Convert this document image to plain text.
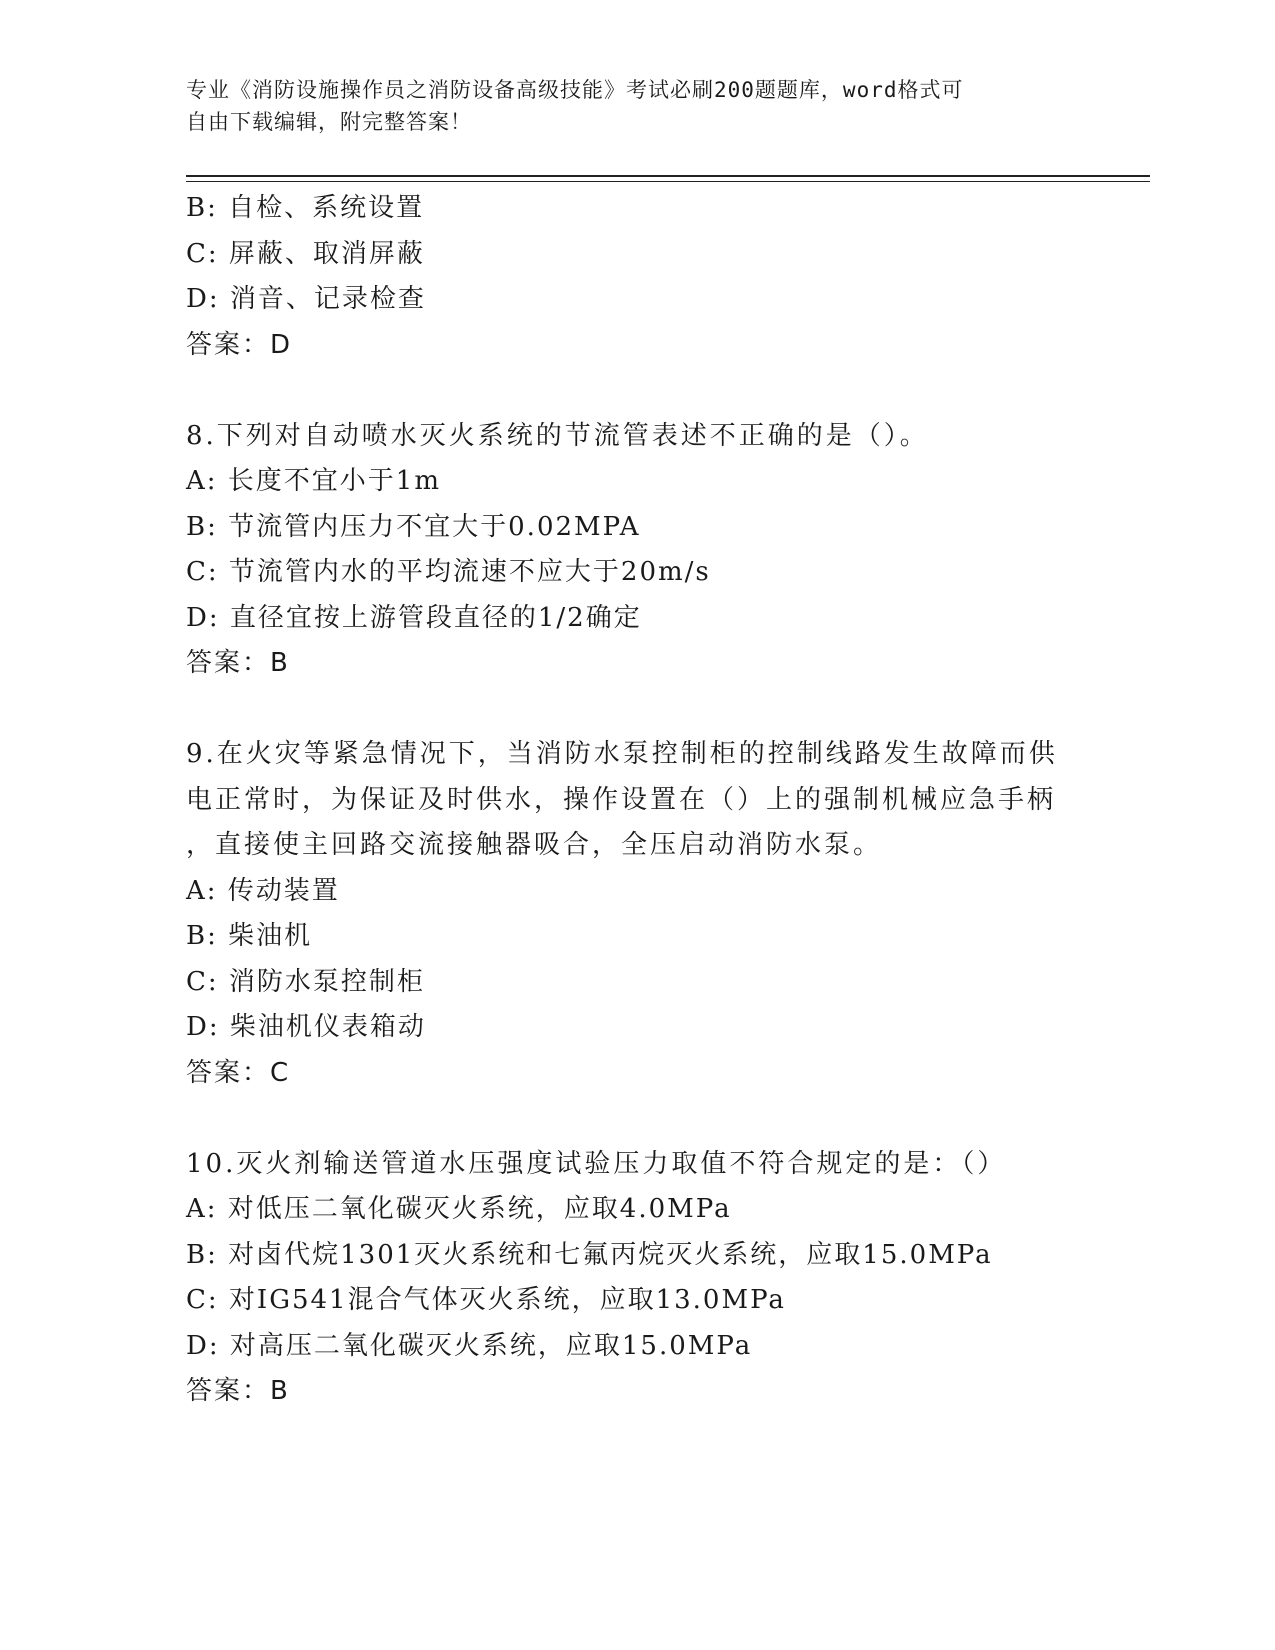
专业《消防设施操作员之消防设备高级技能》考试必刷200题题库，word格式可
自由下载编辑，附完整答案！
B: 自检、系统设置
C: 屏蔽、取消屏蔽
D: 消音、记录检查
答案：D
8.下列对自动喷水灭火系统的节流管表述不正确的是（）。
A: 长度不宜小于1m
B: 节流管内压力不宜大于0.02MPA
C: 节流管内水的平均流速不应大于20m/s
D: 直径宜按上游管段直径的1/2确定
答案：B
9.在火灾等紧急情况下，当消防水泵控制柜的控制线路发生故障而供
电正常时，为保证及时供水，操作设置在（）上的强制机械应急手柄
，直接使主回路交流接触器吸合，全压启动消防水泵。
A: 传动装置
B: 柴油机
C: 消防水泵控制柜
D: 柴油机仪表箱动
答案：C
10.灭火剂输送管道水压强度试验压力取值不符合规定的是：（）
A: 对低压二氧化碳灭火系统，应取4.0MPa
B: 对卤代烷1301灭火系统和七氟丙烷灭火系统，应取15.0MPa
C: 对IG541混合气体灭火系统，应取13.0MPa
D: 对高压二氧化碳灭火系统，应取15.0MPa
答案：B
